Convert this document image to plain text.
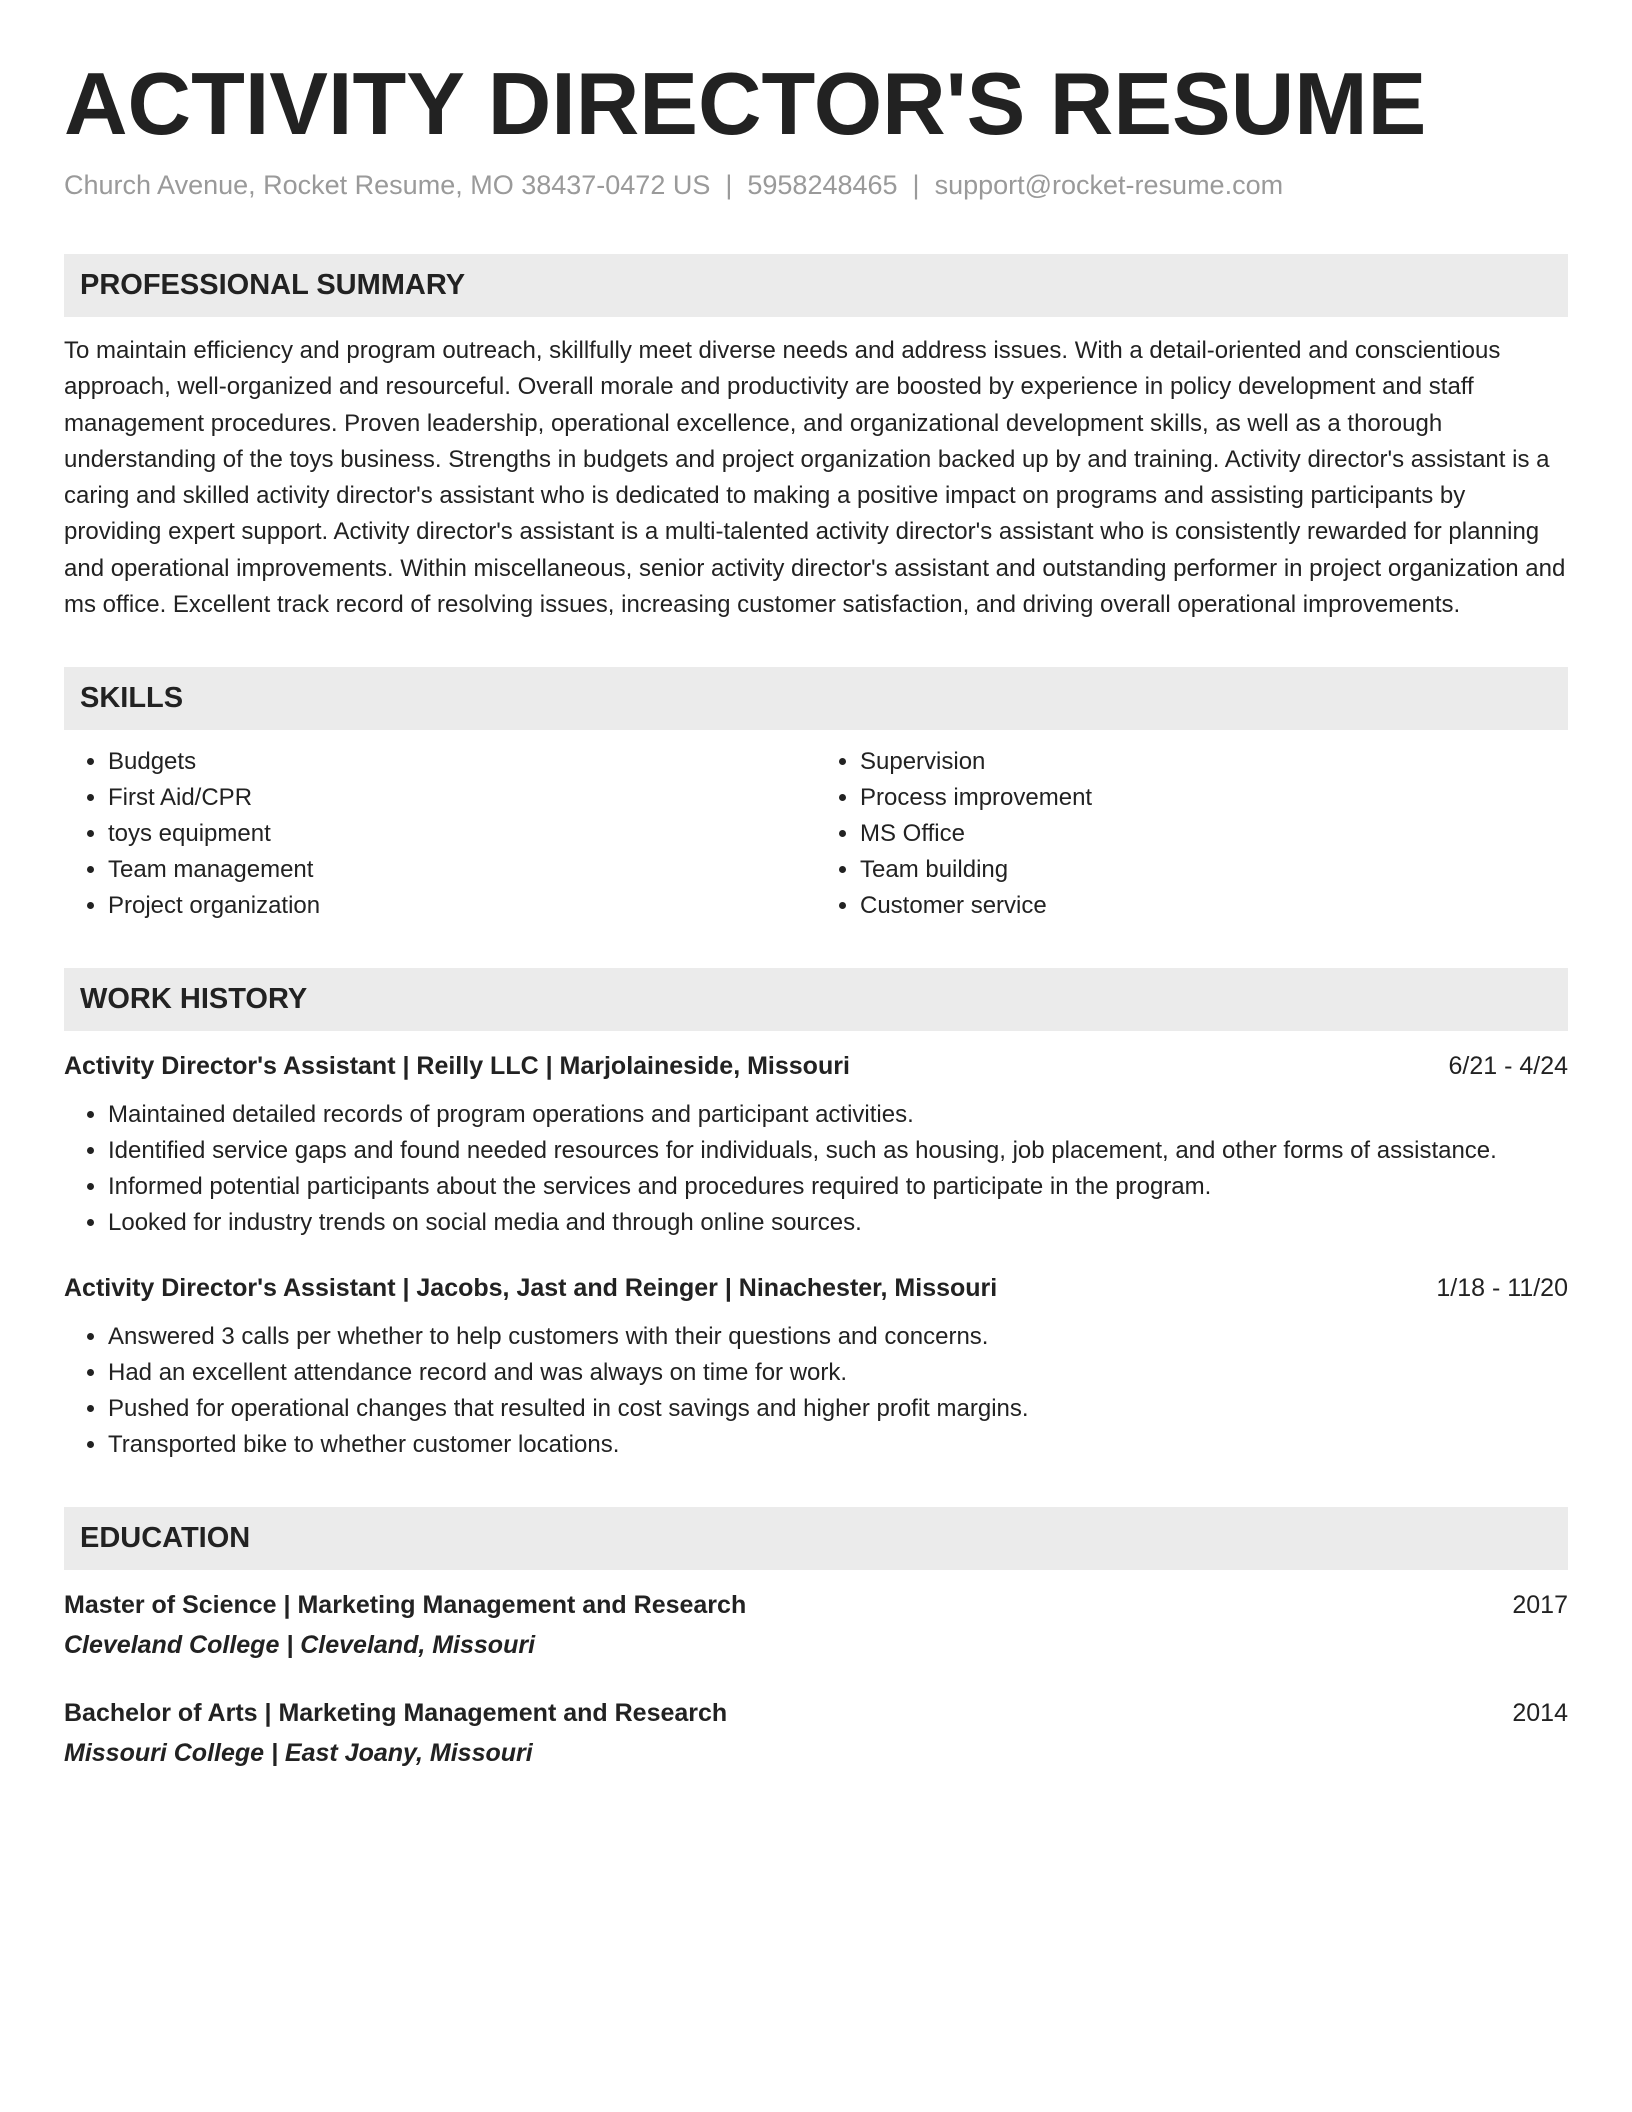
ACTIVITY DIRECTOR'S RESUME
Church Avenue, Rocket Resume, MO 38437-0472 US | 5958248465 | support@rocket-resume.com
PROFESSIONAL SUMMARY
To maintain efficiency and program outreach, skillfully meet diverse needs and address issues. With a detail-oriented and conscientious approach, well-organized and resourceful. Overall morale and productivity are boosted by experience in policy development and staff management procedures. Proven leadership, operational excellence, and organizational development skills, as well as a thorough understanding of the toys business. Strengths in budgets and project organization backed up by and training. Activity director's assistant is a caring and skilled activity director's assistant who is dedicated to making a positive impact on programs and assisting participants by providing expert support. Activity director's assistant is a multi-talented activity director's assistant who is consistently rewarded for planning and operational improvements. Within miscellaneous, senior activity director's assistant and outstanding performer in project organization and ms office. Excellent track record of resolving issues, increasing customer satisfaction, and driving overall operational improvements.
SKILLS
• Budgets
• First Aid/CPR
• toys equipment
• Team management
• Project organization
• Supervision
• Process improvement
• MS Office
• Team building
• Customer service
WORK HISTORY
Activity Director's Assistant | Reilly LLC | Marjolaineside, Missouri	6/21 - 4/24
• Maintained detailed records of program operations and participant activities.
• Identified service gaps and found needed resources for individuals, such as housing, job placement, and other forms of assistance.
• Informed potential participants about the services and procedures required to participate in the program.
• Looked for industry trends on social media and through online sources.
Activity Director's Assistant | Jacobs, Jast and Reinger | Ninachester, Missouri	1/18 - 11/20
• Answered 3 calls per whether to help customers with their questions and concerns.
• Had an excellent attendance record and was always on time for work.
• Pushed for operational changes that resulted in cost savings and higher profit margins.
• Transported bike to whether customer locations.
EDUCATION
Master of Science | Marketing Management and Research	2017
Cleveland College | Cleveland, Missouri
Bachelor of Arts | Marketing Management and Research	2014
Missouri College | East Joany, Missouri
